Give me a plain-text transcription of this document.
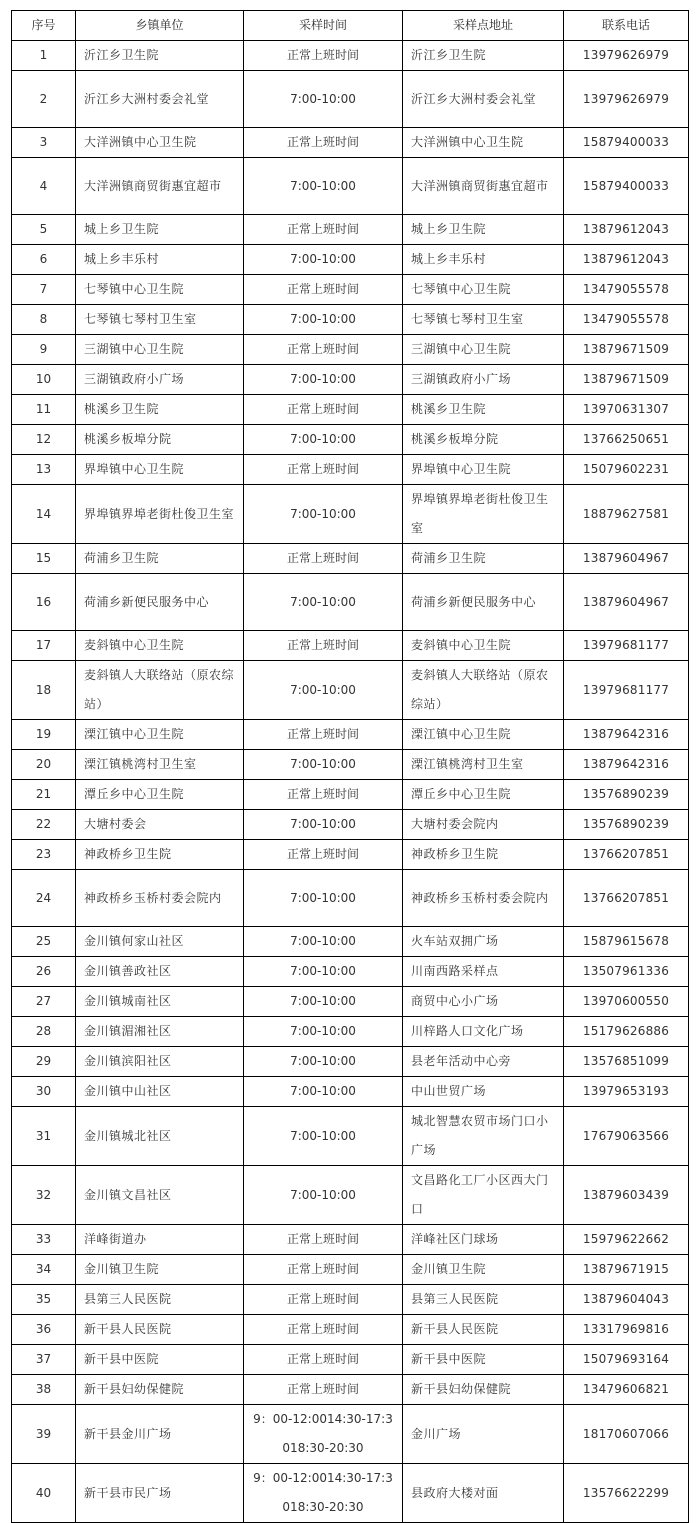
序号	乡镇单位	采样时间	采样点地址	联系电话
1	沂江乡卫生院	正常上班时间	沂江乡卫生院	13979626979
2	沂江乡大洲村委会礼堂	7:00-10:00	沂江乡大洲村委会礼堂	13979626979
3	大洋洲镇中心卫生院	正常上班时间	大洋洲镇中心卫生院	15879400033
4	大洋洲镇商贸街惠宜超市	7:00-10:00	大洋洲镇商贸街惠宜超市	15879400033
5	城上乡卫生院	正常上班时间	城上乡卫生院	13879612043
6	城上乡丰乐村	7:00-10:00	城上乡丰乐村	13879612043
7	七琴镇中心卫生院	正常上班时间	七琴镇中心卫生院	13479055578
8	七琴镇七琴村卫生室	7:00-10:00	七琴镇七琴村卫生室	13479055578
9	三湖镇中心卫生院	正常上班时间	三湖镇中心卫生院	13879671509
10	三湖镇政府小广场	7:00-10:00	三湖镇政府小广场	13879671509
11	桃溪乡卫生院	正常上班时间	桃溪乡卫生院	13970631307
12	桃溪乡板埠分院	7:00-10:00	桃溪乡板埠分院	13766250651
13	界埠镇中心卫生院	正常上班时间	界埠镇中心卫生院	15079602231
14	界埠镇界埠老街杜俊卫生室	7:00-10:00	界埠镇界埠老街杜俊卫生室	18879627581
15	荷浦乡卫生院	正常上班时间	荷浦乡卫生院	13879604967
16	荷浦乡新便民服务中心	7:00-10:00	荷浦乡新便民服务中心	13879604967
17	麦斜镇中心卫生院	正常上班时间	麦斜镇中心卫生院	13979681177
18	麦斜镇人大联络站（原农综站）	7:00-10:00	麦斜镇人大联络站（原农综站）	13979681177
19	溧江镇中心卫生院	正常上班时间	溧江镇中心卫生院	13879642316
20	溧江镇桃湾村卫生室	7:00-10:00	溧江镇桃湾村卫生室	13879642316
21	潭丘乡中心卫生院	正常上班时间	潭丘乡中心卫生院	13576890239
22	大塘村委会	7:00-10:00	大塘村委会院内	13576890239
23	神政桥乡卫生院	正常上班时间	神政桥乡卫生院	13766207851
24	神政桥乡玉桥村委会院内	7:00-10:00	神政桥乡玉桥村委会院内	13766207851
25	金川镇何家山社区	7:00-10:00	火车站双拥广场	15879615678
26	金川镇善政社区	7:00-10:00	川南西路采样点	13507961336
27	金川镇城南社区	7:00-10:00	商贸中心小广场	13970600550
28	金川镇湄湘社区	7:00-10:00	川梓路人口文化广场	15179626886
29	金川镇滨阳社区	7:00-10:00	县老年活动中心旁	13576851099
30	金川镇中山社区	7:00-10:00	中山世贸广场	13979653193
31	金川镇城北社区	7:00-10:00	城北智慧农贸市场门口小广场	17679063566
32	金川镇文昌社区	7:00-10:00	文昌路化工厂小区西大门口	13879603439
33	洋峰街道办	正常上班时间	洋峰社区门球场	15979622662
34	金川镇卫生院	正常上班时间	金川镇卫生院	13879671915
35	县第三人民医院	正常上班时间	县第三人民医院	13879604043
36	新干县人民医院	正常上班时间	新干县人民医院	13317969816
37	新干县中医院	正常上班时间	新干县中医院	15079693164
38	新干县妇幼保健院	正常上班时间	新干县妇幼保健院	13479606821
39	新干县金川广场	9：00-12:0014:30-17:3018:30-20:30	金川广场	18170607066
40	新干县市民广场	9：00-12:0014:30-17:3018:30-20:30	县政府大楼对面	13576622299
